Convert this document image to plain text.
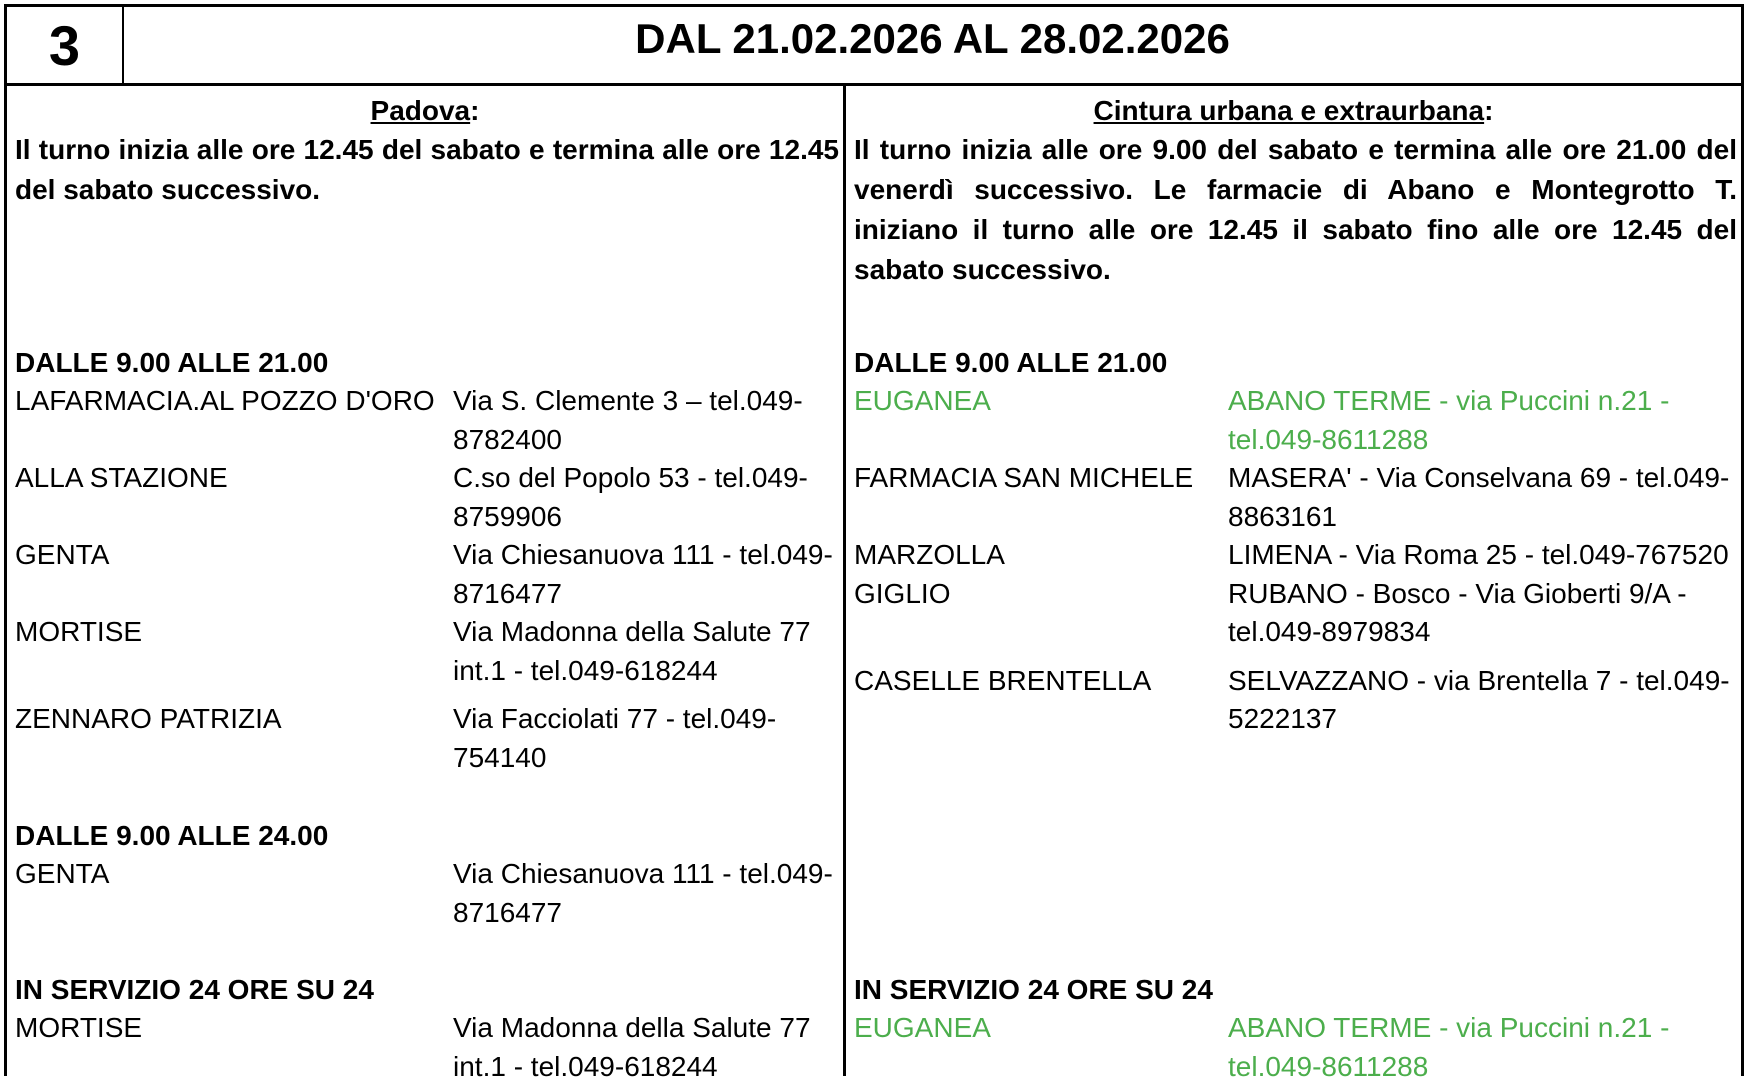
3	DAL 21.02.2026 AL 28.02.2026
Padova:
Il turno inizia alle ore 12.45 del sabato e termina alle ore 12.45 del sabato successivo.
DALLE 9.00 ALLE 21.00
LAFARMACIA.AL POZZO D'ORO Via S. Clemente 3 – tel.049-8782400
ALLA STAZIONE	C.so del Popolo 53 - tel.049-8759906
GENTA	Via Chiesanuova 111 - tel.049-8716477
MORTISE	Via Madonna della Salute 77 int.1 - tel.049-618244
ZENNARO PATRIZIA	Via Facciolati 77 - tel.049-754140
DALLE 9.00 ALLE 24.00
GENTA	Via Chiesanuova 111 - tel.049-8716477
IN SERVIZIO 24 ORE SU 24
MORTISE	Via Madonna della Salute 77 int.1 - tel.049-618244
Cintura urbana e extraurbana:
Il turno inizia alle ore 9.00 del sabato e termina alle ore 21.00 del venerdì successivo. Le farmacie di Abano e Montegrotto T. iniziano il turno alle ore 12.45 il sabato fino alle ore 12.45 del sabato successivo.
DALLE 9.00 ALLE 21.00
EUGANEA	ABANO TERME - via Puccini n.21 - tel.049-8611288
FARMACIA SAN MICHELE	MASERA' - Via Conselvana 69 - tel.049-8863161
MARZOLLA	LIMENA - Via Roma 25 - tel.049-767520
GIGLIO	RUBANO - Bosco - Via Gioberti 9/A - tel.049-8979834
CASELLE BRENTELLA	SELVAZZANO - via Brentella 7 - tel.049-5222137
IN SERVIZIO 24 ORE SU 24
EUGANEA	ABANO TERME - via Puccini n.21 - tel.049-8611288
